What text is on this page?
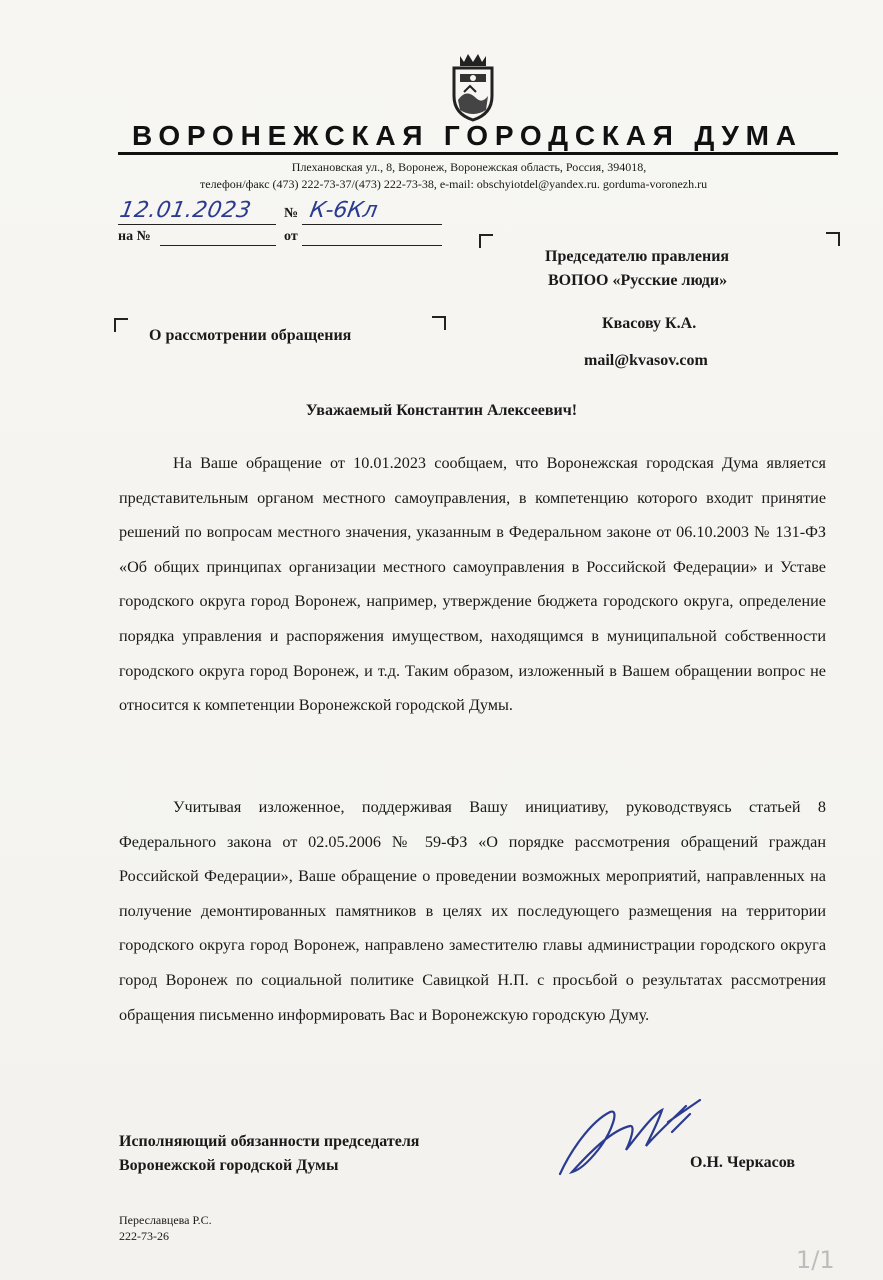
ВОРОНЕЖСКАЯ ГОРОДСКАЯ ДУМА
Плехановская ул., 8, Воронеж, Воронежская область, Россия, 394018,
телефон/факс (473) 222-73-37/(473) 222-73-38, e-mail: obschyiotdel@yandex.ru. gorduma-voronezh.ru
12.01.2023 № К-6Кл
на №	от
Председателю правления
ВОПОО «Русские люди»
Квасову К.А.
mail@kvasov.com
О рассмотрении обращения
Уважаемый Константин Алексеевич!
На Ваше обращение от 10.01.2023 сообщаем, что Воронежская городская Дума является представительным органом местного самоуправления, в компетенцию которого входит принятие решений по вопросам местного значения, указанным в Федеральном законе от 06.10.2003 № 131-ФЗ «Об общих принципах организации местного самоуправления в Российской Федерации» и Уставе городского округа город Воронеж, например, утверждение бюджета городского округа, определение порядка управления и распоряжения имуществом, находящимся в муниципальной собственности городского округа город Воронеж, и т.д. Таким образом, изложенный в Вашем обращении вопрос не относится к компетенции Воронежской городской Думы.
Учитывая изложенное, поддерживая Вашу инициативу, руководствуясь статьей 8 Федерального закона от 02.05.2006 № 59-ФЗ «О порядке рассмотрения обращений граждан Российской Федерации», Ваше обращение о проведении возможных мероприятий, направленных на получение демонтированных памятников в целях их последующего размещения на территории городского округа город Воронеж, направлено заместителю главы администрации городского округа город Воронеж по социальной политике Савицкой Н.П. с просьбой о результатах рассмотрения обращения письменно информировать Вас и Воронежскую городскую Думу.
Исполняющий обязанности председателя
Воронежской городской Думы	О.Н. Черкасов
Переславцева Р.С.
222-73-26
1/1
